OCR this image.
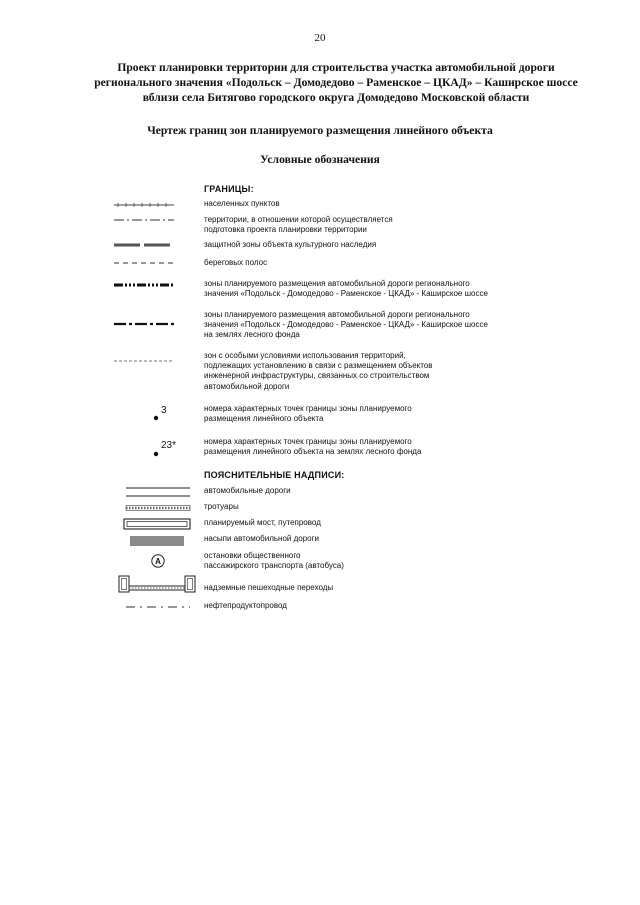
20
Проект планировки территории для строительства участка автомобильной дороги
регионального значения «Подольск – Домодедово – Раменское – ЦКАД» – Каширское шоссе
вблизи села Битягово городского округа Домодедово Московской области
Чертеж границ зон планируемого размещения линейного объекта
Условные обозначения
ГРАНИЦЫ:
населенных пунктов
территории, в отношении которой осуществляется
подготовка проекта планировки территории
защитной зоны объекта культурного наследия
береговых полос
зоны планируемого размещения автомобильной дороги регионального
значения «Подольск - Домодедово - Раменское - ЦКАД» - Каширское шоссе
зоны планируемого размещения автомобильной дороги регионального
значения «Подольск - Домодедово - Раменское - ЦКАД» - Каширское шоссе
на землях лесного фонда
зон с особыми условиями использования территорий,
подлежащих установлению в связи с размещением объектов
инженерной инфраструктуры, связанных со строительством
автомобильной дороги
3	номера характерных точек границы зоны планируемого
размещения линейного объекта
23*	номера характерных точек границы зоны планируемого
размещения линейного объекта на землях лесного фонда
ПОЯСНИТЕЛЬНЫЕ НАДПИСИ:
автомобильные дороги
тротуары
планируемый мост, путепровод
насыпи автомобильной дороги
A
остановки общественного
пассажирского транспорта (автобуса)
надземные пешеходные переходы
нефтепродуктопровод
